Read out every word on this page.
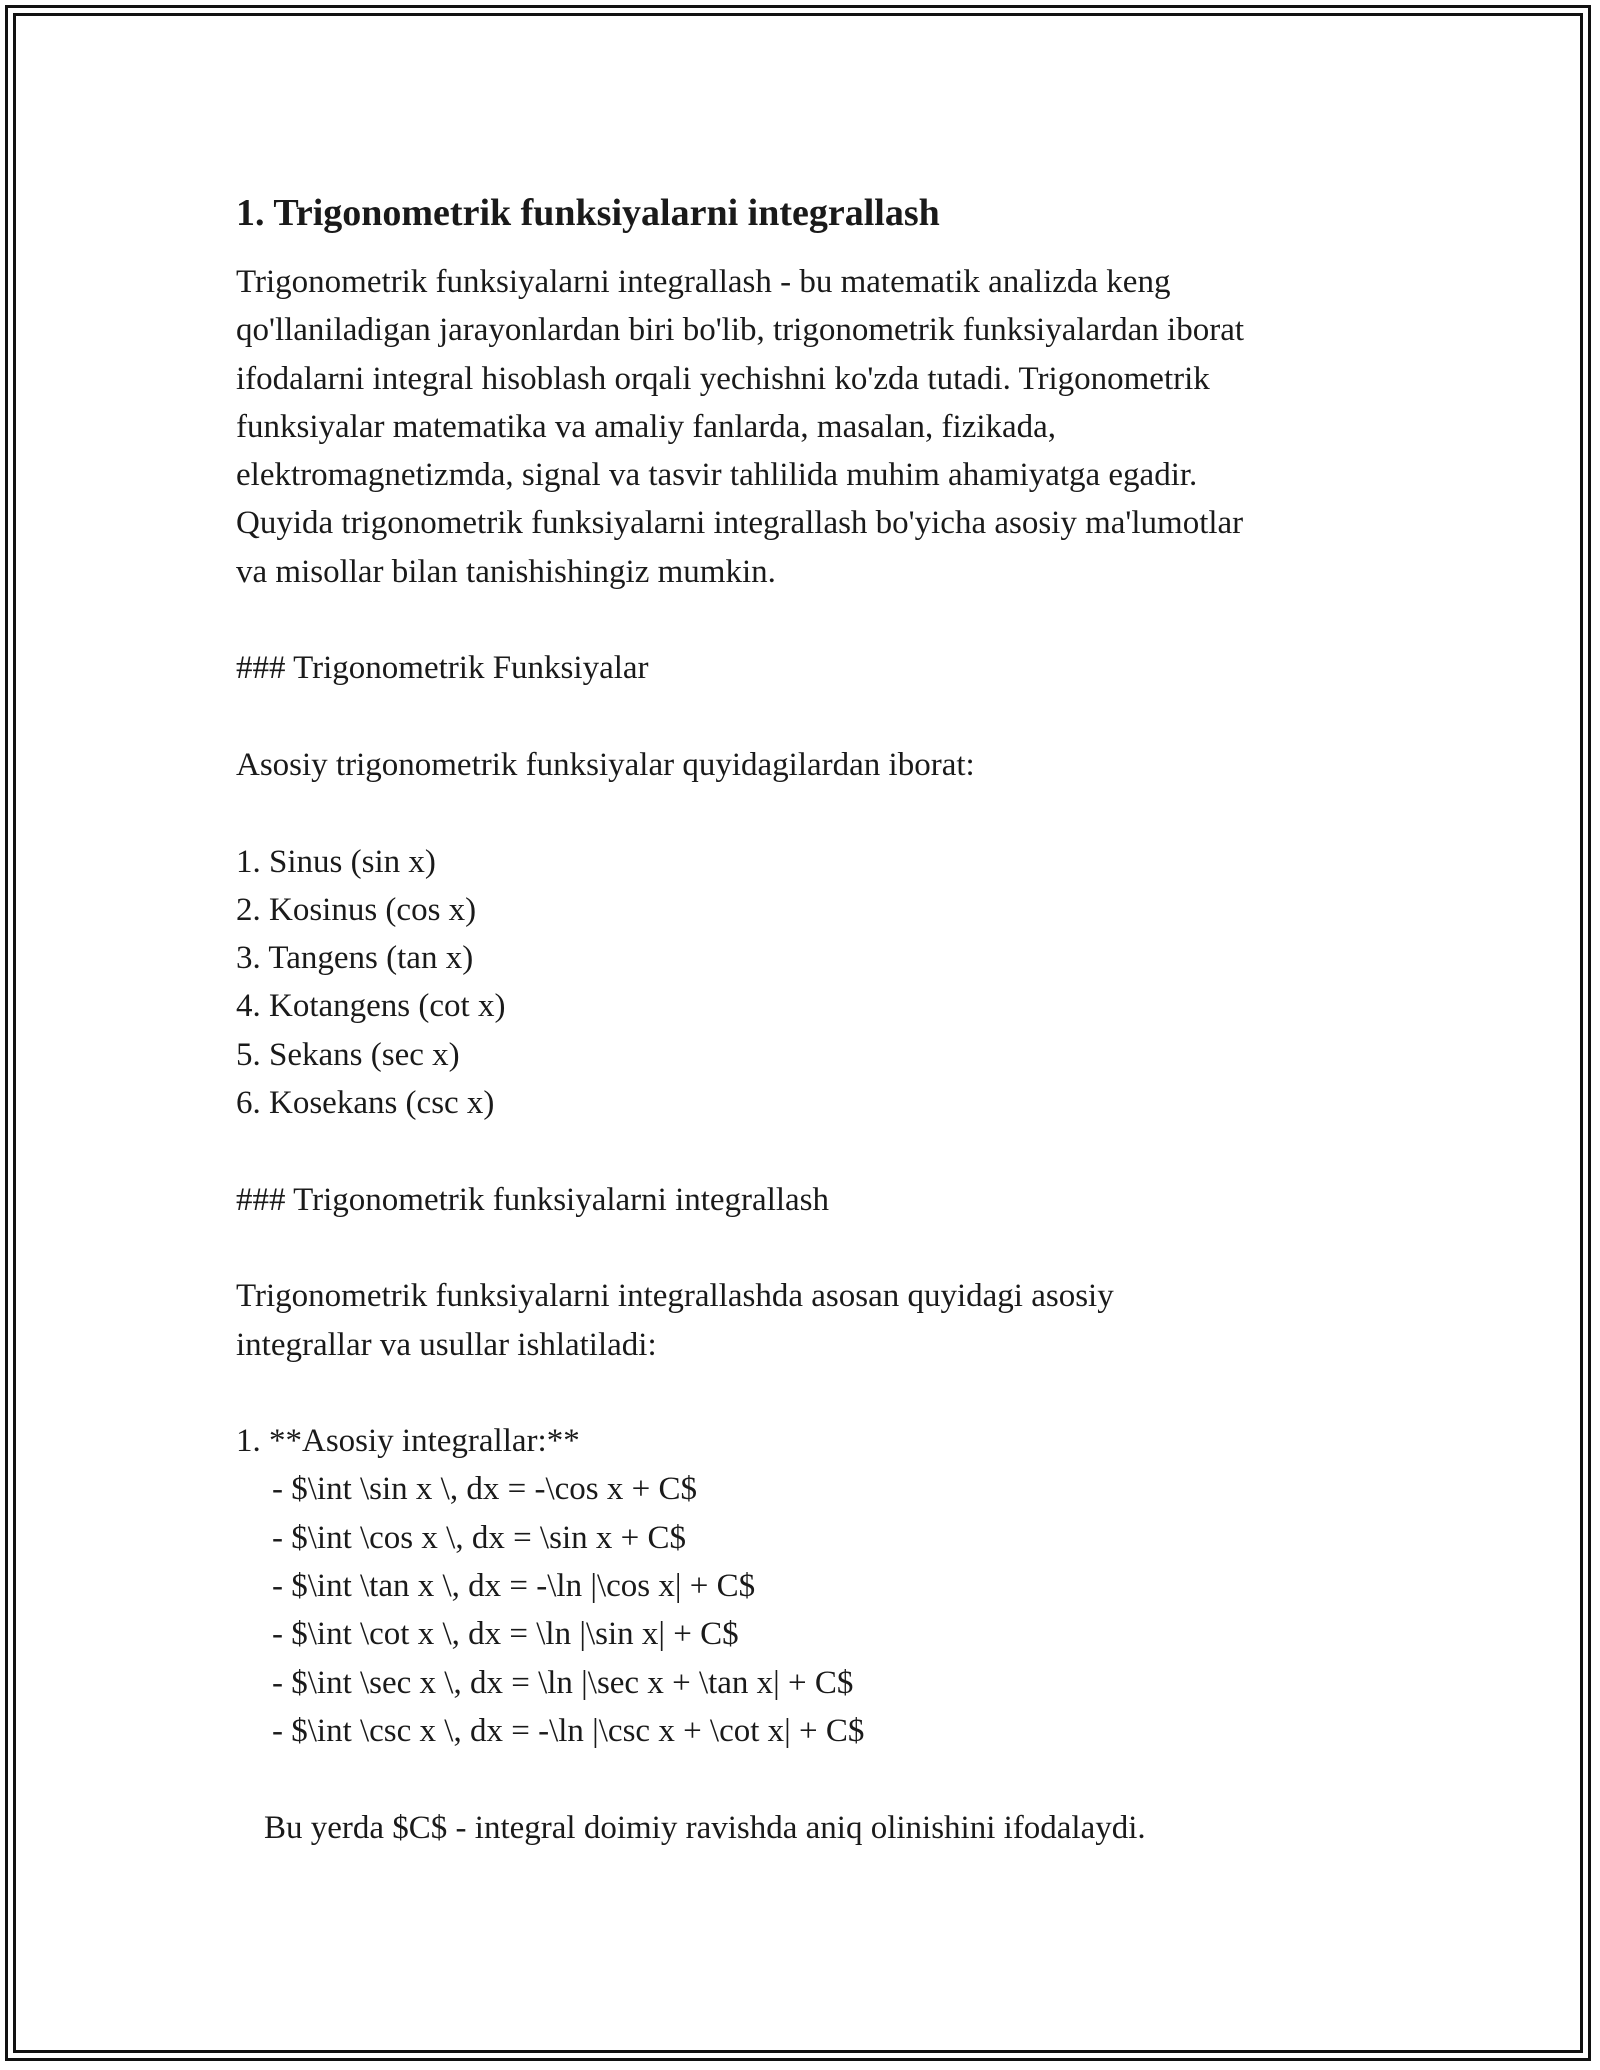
1. Trigonometrik funksiyalarni integrallash
Trigonometrik funksiyalarni integrallash - bu matematik analizda keng
qo'llaniladigan jarayonlardan biri bo'lib, trigonometrik funksiyalardan iborat
ifodalarni integral hisoblash orqali yechishni ko'zda tutadi. Trigonometrik
funksiyalar matematika va amaliy fanlarda, masalan, fizikada,
elektromagnetizmda, signal va tasvir tahlilida muhim ahamiyatga egadir.
Quyida trigonometrik funksiyalarni integrallash bo'yicha asosiy ma'lumotlar
va misollar bilan tanishishingiz mumkin.
### Trigonometrik Funksiyalar
Asosiy trigonometrik funksiyalar quyidagilardan iborat:
1. Sinus (sin x)
2. Kosinus (cos x)
3. Tangens (tan x)
4. Kotangens (cot x)
5. Sekans (sec x)
6. Kosekans (csc x)
### Trigonometrik funksiyalarni integrallash
Trigonometrik funksiyalarni integrallashda asosan quyidagi asosiy
integrallar va usullar ishlatiladi:
1. **Asosiy integrallar:**
- $\int \sin x \, dx = -\cos x + C$
- $\int \cos x \, dx = \sin x + C$
- $\int \tan x \, dx = -\ln |\cos x| + C$
- $\int \cot x \, dx = \ln |\sin x| + C$
- $\int \sec x \, dx = \ln |\sec x + \tan x| + C$
- $\int \csc x \, dx = -\ln |\csc x + \cot x| + C$
Bu yerda $C$ - integral doimiy ravishda aniq olinishini ifodalaydi.
